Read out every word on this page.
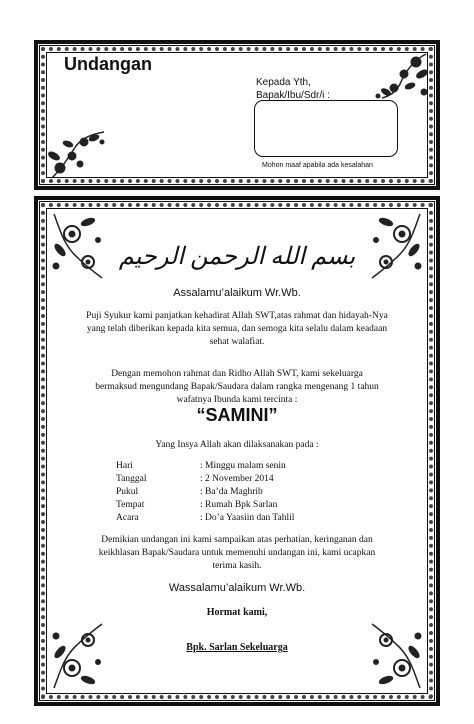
Undangan
Kepada Yth,
Bapak/Ibu/Sdr/i :
Mohon maaf apabila ada kesalahan
بسم الله الرحمن الرحيم
Assalamu’alaikum Wr.Wb.
Puji Syukur kami panjatkan kehadirat Allah SWT,atas rahmat dan hidayah-Nya
yang telah diberikan kepada kita semua, dan semoga kita selalu dalam keadaan
sehat walafiat.
Dengan memohon rahmat dan Ridho Allah SWT, kami sekeluarga
bermaksud mengundang Bapak/Saudara dalam rangka mengenang 1 tahun
wafatnya Ibunda kami tercinta :
“SAMINI”
Yang Insya Allah akan dilaksanakan pada :
Hari	: Minggu malam senin
Tanggal	: 2 November 2014
Pukul	: Ba’da Maghrib
Tempat	: Rumah Bpk Sarlan
Acara	: Do’a Yaasiin dan Tahlil
Demikian undangan ini kami sampaikan atas perhatian, keringanan dan
keikhlasan Bapak/Saudara untuk memenuhi undangan ini, kami ucapkan
terima kasih.
Wassalamu’alaikum Wr.Wb.
Hormat kami,
Bpk. Sarlan Sekeluarga
